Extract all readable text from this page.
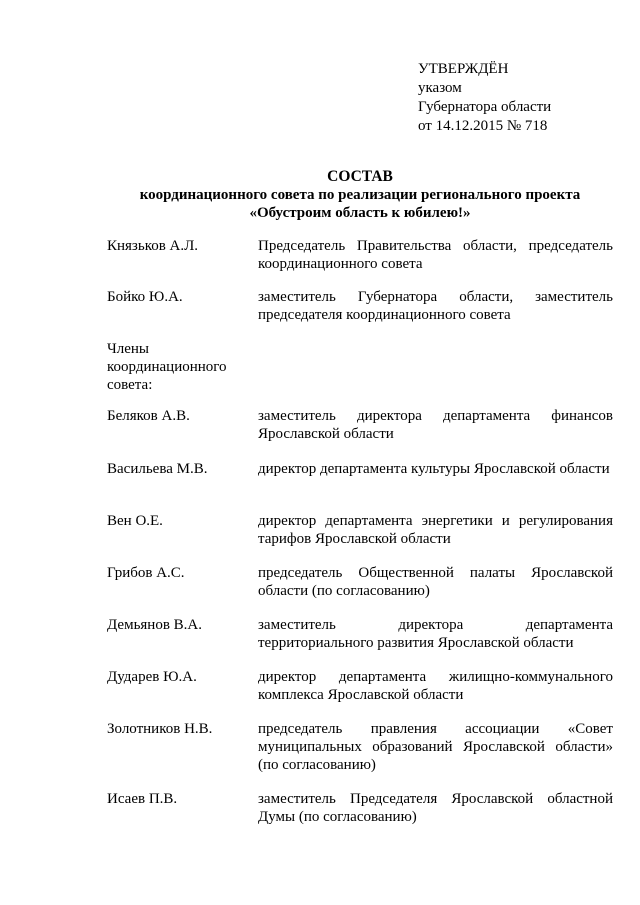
УТВЕРЖДЁН
указом
Губернатора области
от 14.12.2015 № 718
СОСТАВ
координационного совета по реализации регионального проекта
«Обустроим область к юбилею!»
Князьков А.Л.	Председатель Правительства области, председатель координационного совета
Бойко Ю.А.	заместитель Губернатора области, заместитель председателя координационного совета
Члены координационного совета:
Беляков А.В.	заместитель директора департамента финансов Ярославской области
Васильева М.В.	директор департамента культуры Ярославской области
Вен О.Е.	директор департамента энергетики и регулирования тарифов Ярославской области
Грибов А.С.	председатель Общественной палаты Ярославской области (по согласованию)
Демьянов В.А.	заместитель директора департамента территориального развития Ярославской области
Дударев Ю.А.	директор департамента жилищно-коммунального комплекса Ярославской области
Золотников Н.В.	председатель правления ассоциации «Совет муниципальных образований Ярославской области» (по согласованию)
Исаев П.В.	заместитель Председателя Ярославской областной Думы (по согласованию)
